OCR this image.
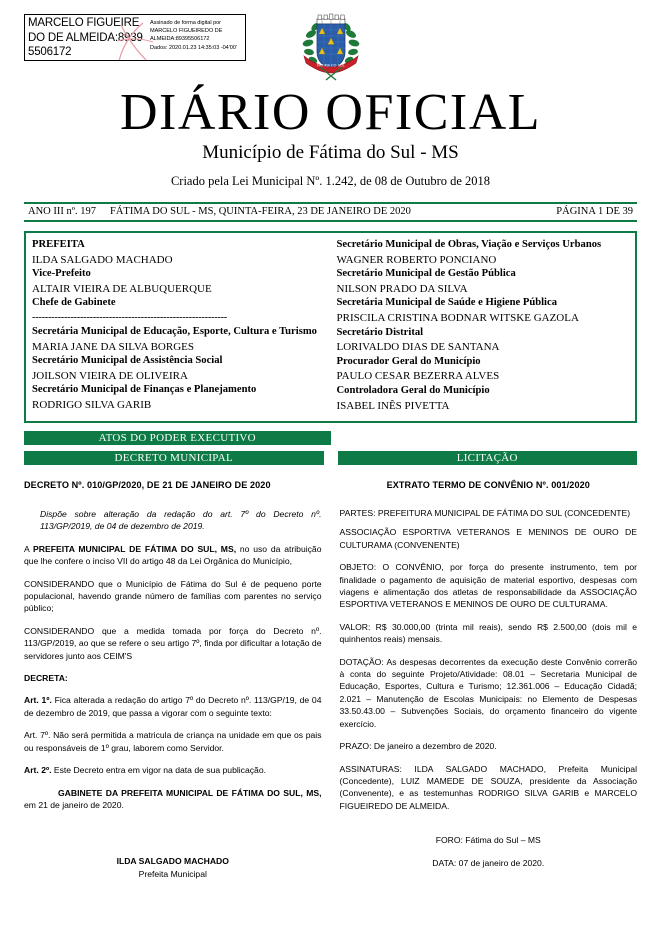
MARCELO FIGUEIREDO DE ALMEIDA:89395506172
Assinado de forma digital por
MARCELO FIGUEIREDO DE
ALMEIDA:89395506172
Dados: 2020.01.23 14:35:03 -04'00'
FATIMA DO SUL
DIÁRIO OFICIAL
Município de Fátima do Sul - MS
Criado pela Lei Municipal Nº. 1.242, de 08 de Outubro de 2018
ANO III nº. 197	FÁTIMA DO SUL - MS, QUINTA-FEIRA, 23 DE JANEIRO DE 2020	PÁGINA 1 DE 39
PREFEITA
ILDA SALGADO MACHADO
Vice-Prefeito
ALTAIR VIEIRA DE ALBUQUERQUE
Chefe de Gabinete
-------------------------------------------------------------
Secretária Municipal de Educação, Esporte, Cultura e Turismo
MARIA JANE DA SILVA BORGES
Secretário Municipal de Assistência Social
JOILSON VIEIRA DE OLIVEIRA
Secretário Municipal de Finanças e Planejamento
RODRIGO SILVA GARIB
Secretário Municipal de Obras, Viação e Serviços Urbanos
WAGNER ROBERTO PONCIANO
Secretário Municipal de Gestão Pública
NILSON PRADO DA SILVA
Secretária Municipal de Saúde e Higiene Pública
PRISCILA CRISTINA BODNAR WITSKE GAZOLA
Secretário Distrital
LORIVALDO DIAS DE SANTANA
Procurador Geral do Município
PAULO CESAR BEZERRA ALVES
Controladora Geral do Município
ISABEL INÊS PIVETTA
ATOS DO PODER EXECUTIVO
DECRETO MUNICIPAL	LICITAÇÃO
DECRETO Nº. 010/GP/2020, DE 21 DE JANEIRO DE 2020

Dispõe sobre alteração da redação do art. 7º do Decreto nº. 113/GP/2019, de 04 de dezembro de 2019.

A PREFEITA MUNICIPAL DE FÁTIMA DO SUL, MS, no uso da atribuição que lhe confere o inciso VII do artigo 48 da Lei Orgânica do Município,

CONSIDERANDO que o Município de Fátima do Sul é de pequeno porte populacional, havendo grande número de famílias com parentes no serviço público;

CONSIDERANDO que a medida tomada por força do Decreto nº. 113/GP/2019, ao que se refere o seu artigo 7º, finda por dificultar a lotação de servidores junto aos CEIM'S

DECRETA:

Art. 1º. Fica alterada a redação do artigo 7º do Decreto nº. 113/GP/19, de 04 de dezembro de 2019, que passa a vigorar com o seguinte texto:

Art. 7º. Não será permitida a matricula de criança na unidade em que os pais ou responsáveis de 1º grau, laborem como Servidor.

Art. 2º. Este Decreto entra em vigor na data de sua publicação.

GABINETE DA PREFEITA MUNICIPAL DE FÁTIMA DO SUL, MS, em 21 de janeiro de 2020.

ILDA SALGADO MACHADO
Prefeita Municipal
EXTRATO TERMO DE CONVÊNIO Nº. 001/2020

PARTES: PREFEITURA MUNICIPAL DE FÁTIMA DO SUL (CONCEDENTE)

ASSOCIAÇÃO ESPORTIVA VETERANOS E MENINOS DE OURO DE CULTURAMA (CONVENENTE)

OBJETO: O CONVÊNIO, por força do presente instrumento, tem por finalidade o pagamento de aquisição de material esportivo, despesas com viagens e alimentação dos atletas de responsabilidade da ASSOCIAÇÃO ESPORTIVA VETERANOS E MENINOS DE OURO DE CULTURAMA.

VALOR: R$ 30.000,00 (trinta mil reais), sendo R$ 2.500,00 (dois mil e quinhentos reais) mensais.

DOTAÇÃO: As despesas decorrentes da execução deste Convênio correrão à conta do seguinte Projeto/Atividade: 08.01 – Secretaria Municipal de Educação, Esportes, Cultura e Turismo; 12.361.006 – Educação Cidadã; 2.021 – Manutenção de Escolas Municipais: no Elemento de Despesas 33.50.43.00 – Subvenções Sociais, do orçamento financeiro do vigente exercício.

PRAZO: De janeiro a dezembro de 2020.

ASSINATURAS: ILDA SALGADO MACHADO, Prefeita Municipal (Concedente), LUIZ MAMEDE DE SOUZA, presidente da Associação (Convenente), e as testemunhas RODRIGO SILVA GARIB e MARCELO FIGUEIREDO DE ALMEIDA.

FORO: Fátima do Sul – MS

DATA: 07 de janeiro de 2020.
